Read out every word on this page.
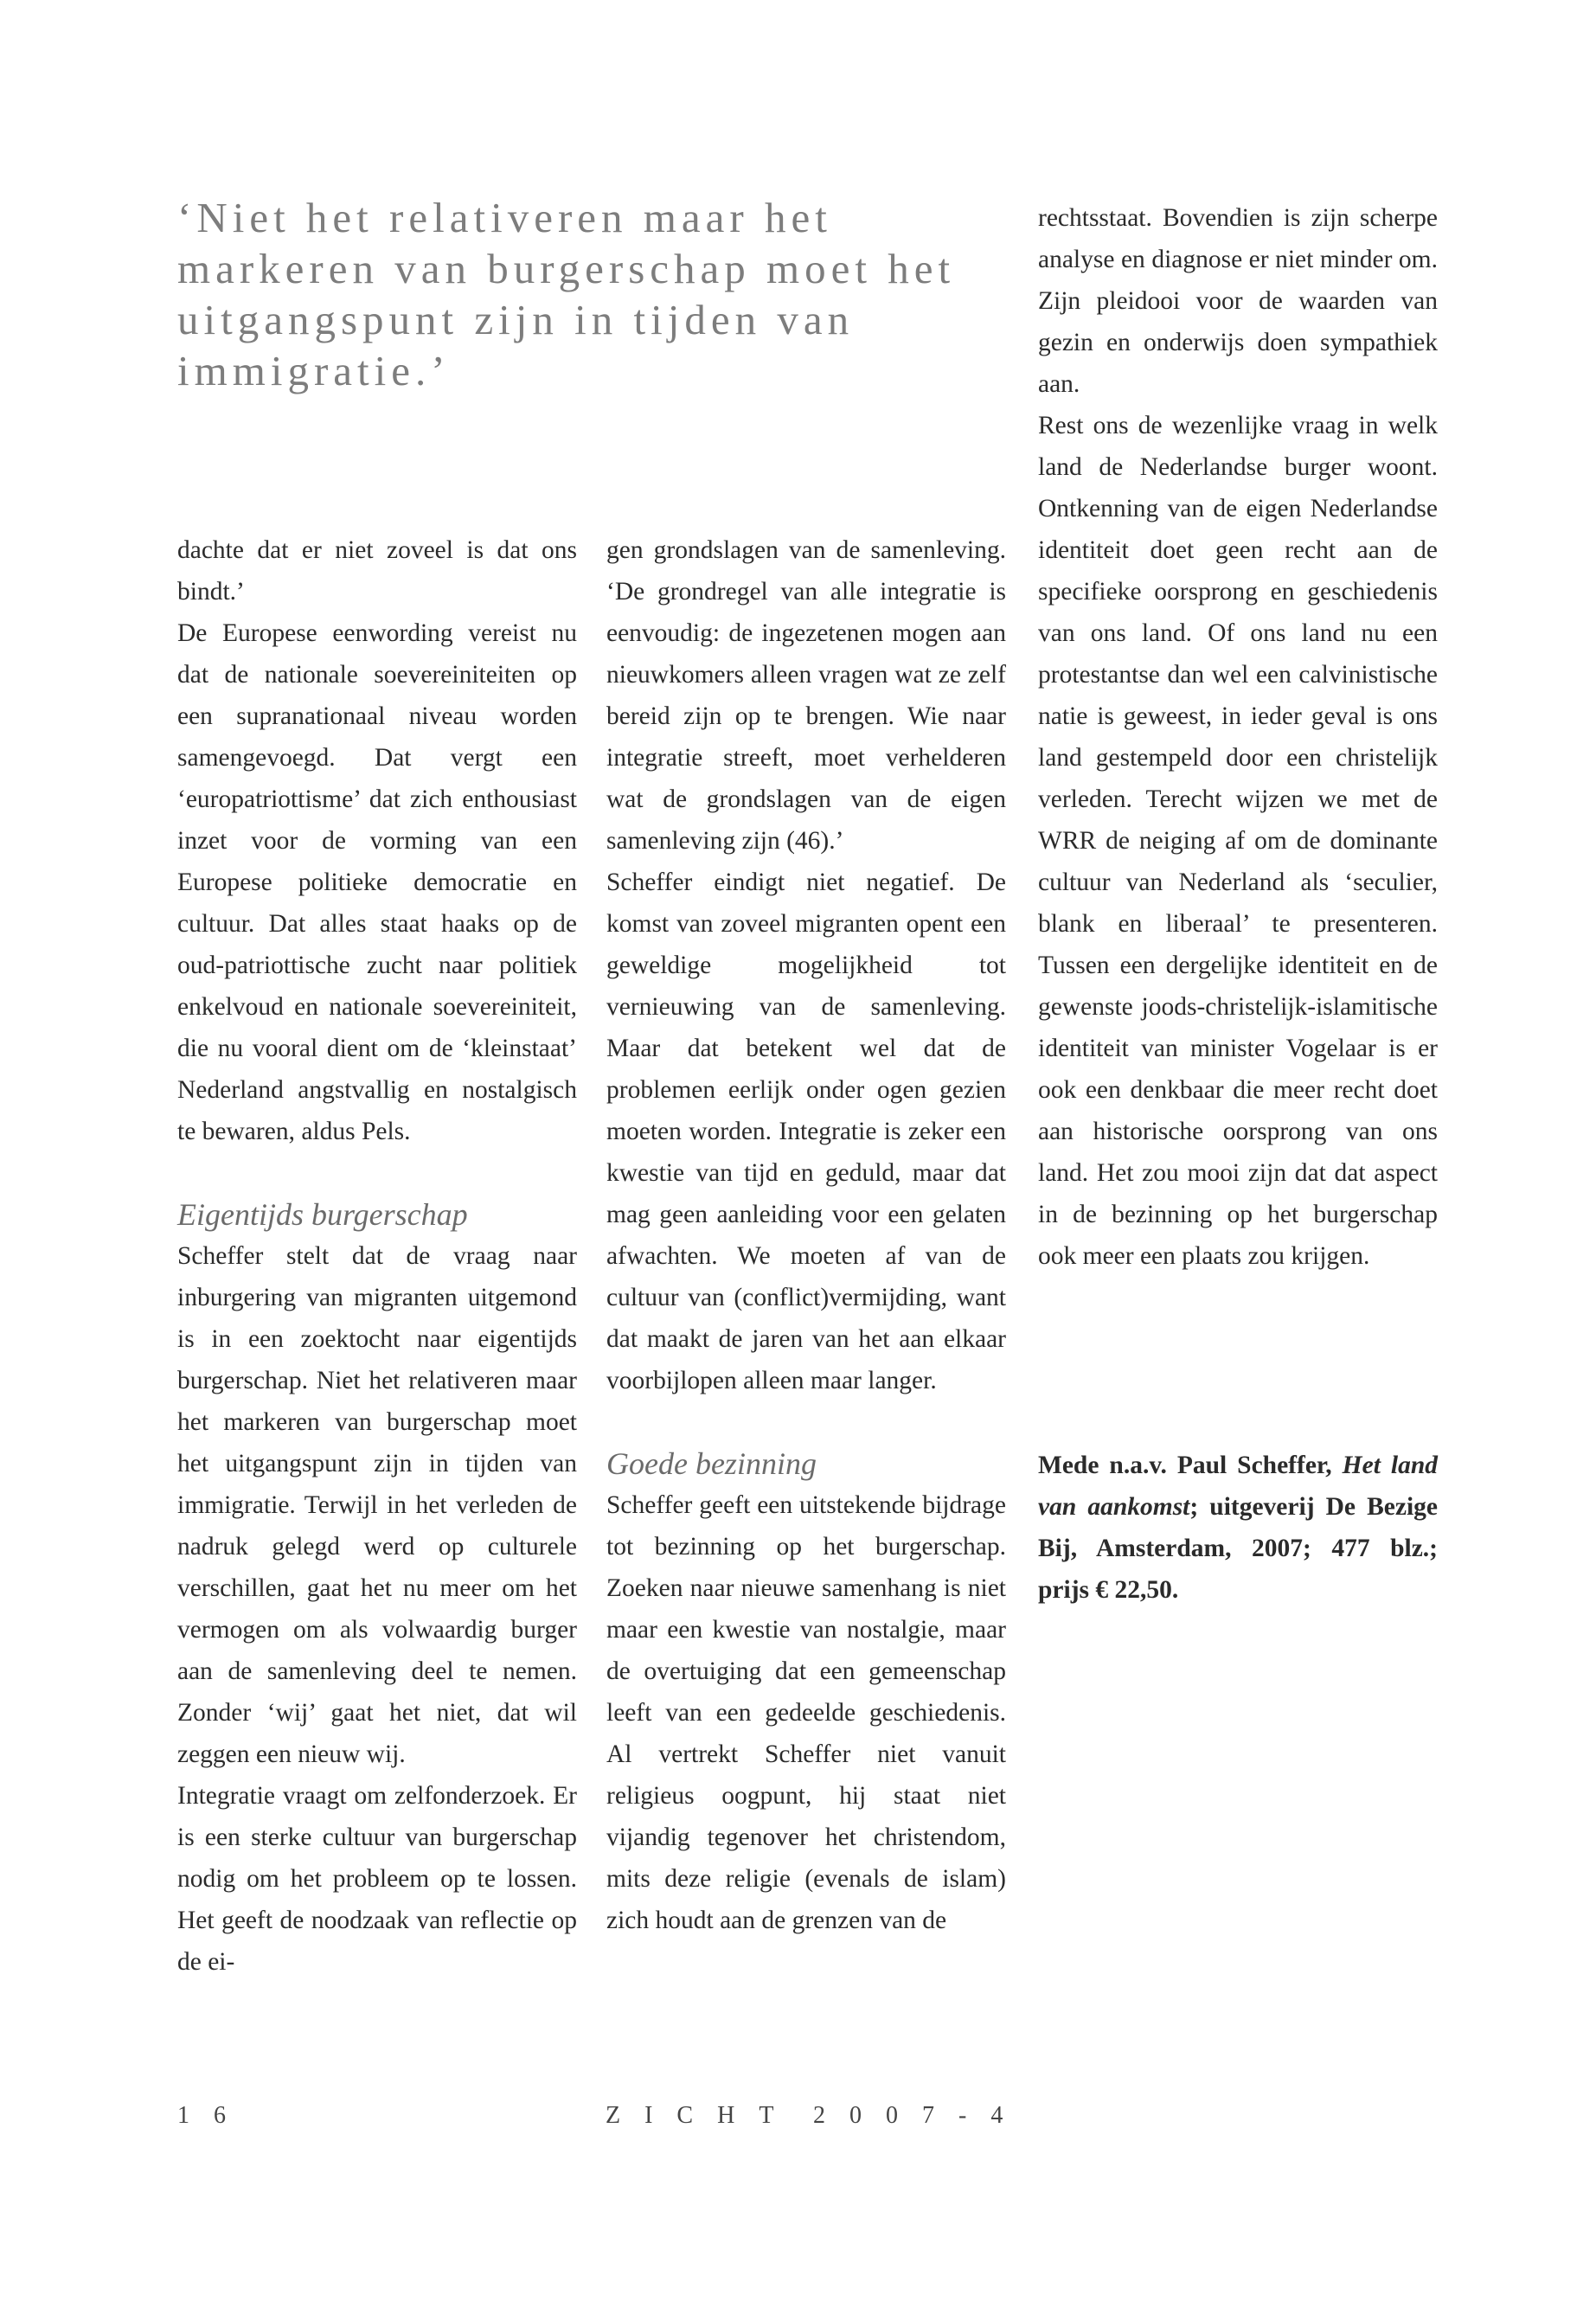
‘Niet het relativeren maar het markeren van burgerschap moet het uitgangspunt zijn in tijden van immigratie.’

dachte dat er niet zoveel is dat ons bindt.’

De Europese eenwording vereist nu dat de nationale soevereiniteiten op een supranationaal niveau worden samengevoegd. Dat vergt een ‘europatriottisme’ dat zich enthousiast inzet voor de vorming van een Europese politieke democratie en cultuur. Dat alles staat haaks op de oud-patriottische zucht naar politiek enkelvoud en nationale soevereiniteit, die nu vooral dient om de ‘kleinstaat’ Nederland angstvallig en nostalgisch te bewaren, aldus Pels.

Eigentijds burgerschap

Scheffer stelt dat de vraag naar inburgering van migranten uitgemond is in een zoektocht naar eigentijds burgerschap. Niet het relativeren maar het markeren van burgerschap moet het uitgangspunt zijn in tijden van immigratie. Terwijl in het verleden de nadruk gelegd werd op culturele verschillen, gaat het nu meer om het vermogen om als volwaardig burger aan de samenleving deel te nemen. Zonder ‘wij’ gaat het niet, dat wil zeggen een nieuw wij.

Integratie vraagt om zelfonderzoek. Er is een sterke cultuur van burgerschap nodig om het probleem op te lossen. Het geeft de noodzaak van reflectie op de ei-

gen grondslagen van de samenleving. ‘De grondregel van alle integratie is eenvoudig: de ingezetenen mogen aan nieuwkomers alleen vragen wat ze zelf bereid zijn op te brengen. Wie naar integratie streeft, moet verhelderen wat de grondslagen van de eigen samenleving zijn (46).’

Scheffer eindigt niet negatief. De komst van zoveel migranten opent een geweldige mogelijkheid tot vernieuwing van de samenleving. Maar dat betekent wel dat de problemen eerlijk onder ogen gezien moeten worden. Integratie is zeker een kwestie van tijd en geduld, maar dat mag geen aanleiding voor een gelaten afwachten. We moeten af van de cultuur van (conflict)vermijding, want dat maakt de jaren van het aan elkaar voorbijlopen alleen maar langer.

Goede bezinning

Scheffer geeft een uitstekende bijdrage tot bezinning op het burgerschap. Zoeken naar nieuwe samenhang is niet maar een kwestie van nostalgie, maar de overtuiging dat een gemeenschap leeft van een gedeelde geschiedenis. Al vertrekt Scheffer niet vanuit religieus oogpunt, hij staat niet vijandig tegenover het christendom, mits deze religie (evenals de islam) zich houdt aan de grenzen van de

rechtsstaat. Bovendien is zijn scherpe analyse en diagnose er niet minder om. Zijn pleidooi voor de waarden van gezin en onderwijs doen sympathiek aan.

Rest ons de wezenlijke vraag in welk land de Nederlandse burger woont. Ontkenning van de eigen Nederlandse identiteit doet geen recht aan de specifieke oorsprong en geschiedenis van ons land. Of ons land nu een protestantse dan wel een calvinistische natie is geweest, in ieder geval is ons land gestempeld door een christelijk verleden. Terecht wijzen we met de WRR de neiging af om de dominante cultuur van Nederland als ‘seculier, blank en liberaal’ te presenteren. Tussen een dergelijke identiteit en de gewenste joods-christelijk-islamitische identiteit van minister Vogelaar is er ook een denkbaar die meer recht doet aan historische oorsprong van ons land. Het zou mooi zijn dat dat aspect in de bezinning op het burgerschap ook meer een plaats zou krijgen.

Mede n.a.v. Paul Scheffer, Het land van aankomst; uitgeverij De Bezige Bij, Amsterdam, 2007; 477 blz.; prijs € 22,50.

16	ZICHT 2007-4
